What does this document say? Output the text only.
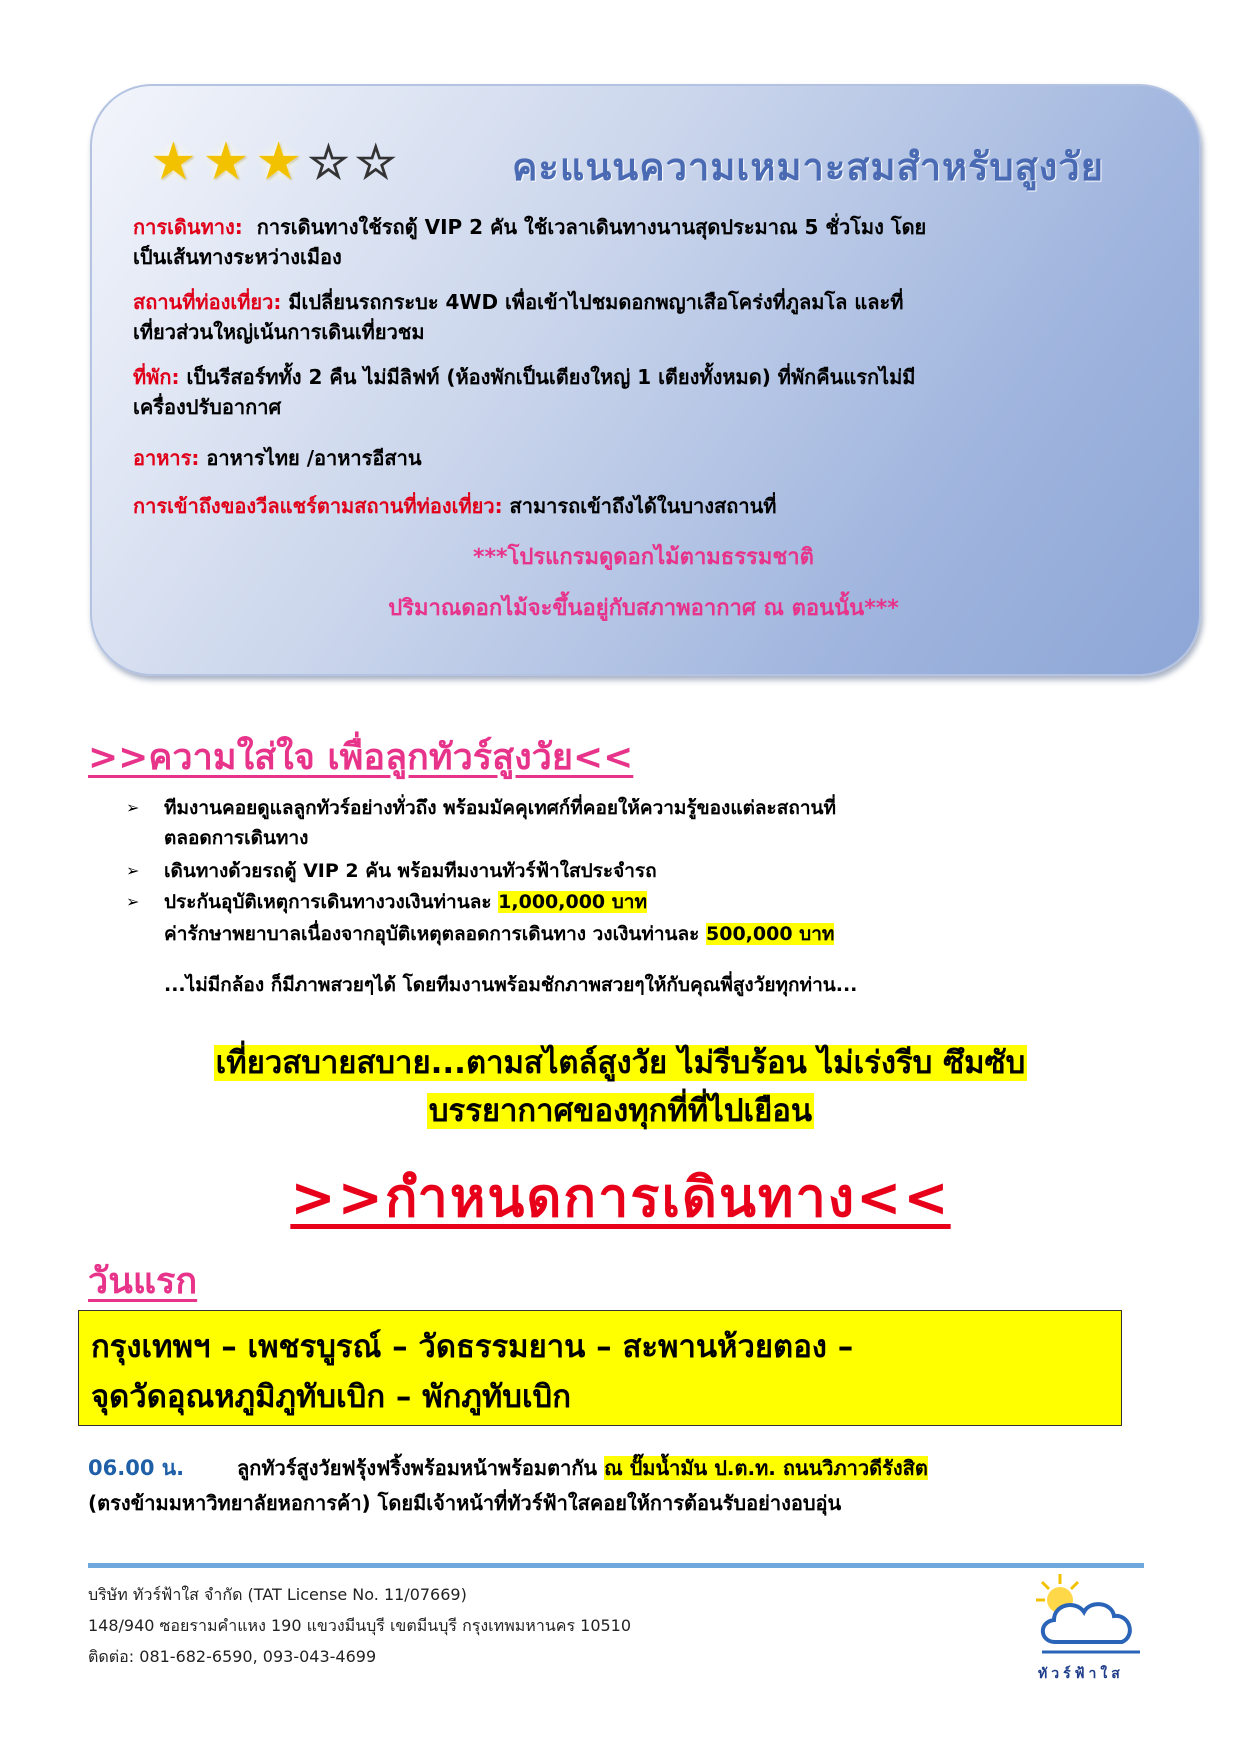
★ ★ ★ ☆ ☆	คะแนนความเหมาะสมสำหรับสูงวัย
การเดินทาง: การเดินทางใช้รถตู้ VIP 2 คัน ใช้เวลาเดินทางนานสุดประมาณ 5 ชั่วโมง โดย
เป็นเส้นทางระหว่างเมือง
สถานที่ท่องเที่ยว: มีเปลี่ยนรถกระบะ 4WD เพื่อเข้าไปชมดอกพญาเสือโคร่งที่ภูลมโล และที่
เที่ยวส่วนใหญ่เน้นการเดินเที่ยวชม
ที่พัก: เป็นรีสอร์ททั้ง 2 คืน ไม่มีลิฟท์ (ห้องพักเป็นเตียงใหญ่ 1 เตียงทั้งหมด) ที่พักคืนแรกไม่มี
เครื่องปรับอากาศ
อาหาร: อาหารไทย /อาหารอีสาน
การเข้าถึงของวีลแชร์ตามสถานที่ท่องเที่ยว: สามารถเข้าถึงได้ในบางสถานที่
***โปรแกรมดูดอกไม้ตามธรรมชาติ
ปริมาณดอกไม้จะขึ้นอยู่กับสภาพอากาศ ณ ตอนนั้น***
>>ความใส่ใจ เพื่อลูกทัวร์สูงวัย<<
➢ ทีมงานคอยดูแลลูกทัวร์อย่างทั่วถึง พร้อมมัคคุเทศก์ที่คอยให้ความรู้ของแต่ละสถานที่
ตลอดการเดินทาง
➢ เดินทางด้วยรถตู้ VIP 2 คัน พร้อมทีมงานทัวร์ฟ้าใสประจำรถ
➢ ประกันอุบัติเหตุการเดินทางวงเงินท่านละ 1,000,000 บาท
ค่ารักษาพยาบาลเนื่องจากอุบัติเหตุตลอดการเดินทาง วงเงินท่านละ 500,000 บาท
...ไม่มีกล้อง ก็มีภาพสวยๆได้ โดยทีมงานพร้อมชักภาพสวยๆให้กับคุณพี่สูงวัยทุกท่าน...
เที่ยวสบายสบาย...ตามสไตล์สูงวัย ไม่รีบร้อน ไม่เร่งรีบ ซึมซับ
บรรยากาศของทุกที่ที่ไปเยือน
>>กำหนดการเดินทาง<<
วันแรก
กรุงเทพฯ – เพชรบูรณ์ – วัดธรรมยาน – สะพานห้วยตอง –
จุดวัดอุณหภูมิภูทับเบิก – พักภูทับเบิก
06.00 น.	ลูกทัวร์สูงวัยฟรุ้งฟริ้งพร้อมหน้าพร้อมตากัน ณ ปั๊มน้ำมัน ป.ต.ท. ถนนวิภาวดีรังสิต
(ตรงข้ามมหาวิทยาลัยหอการค้า) โดยมีเจ้าหน้าที่ทัวร์ฟ้าใสคอยให้การต้อนรับอย่างอบอุ่น
บริษัท ทัวร์ฟ้าใส จำกัด (TAT License No. 11/07669)
148/940 ซอยรามคำแหง 190 แขวงมีนบุรี เขตมีนบุรี กรุงเทพมหานคร 10510
ติดต่อ: 081-682-6590, 093-043-4699
ทัวร์ฟ้าใส
